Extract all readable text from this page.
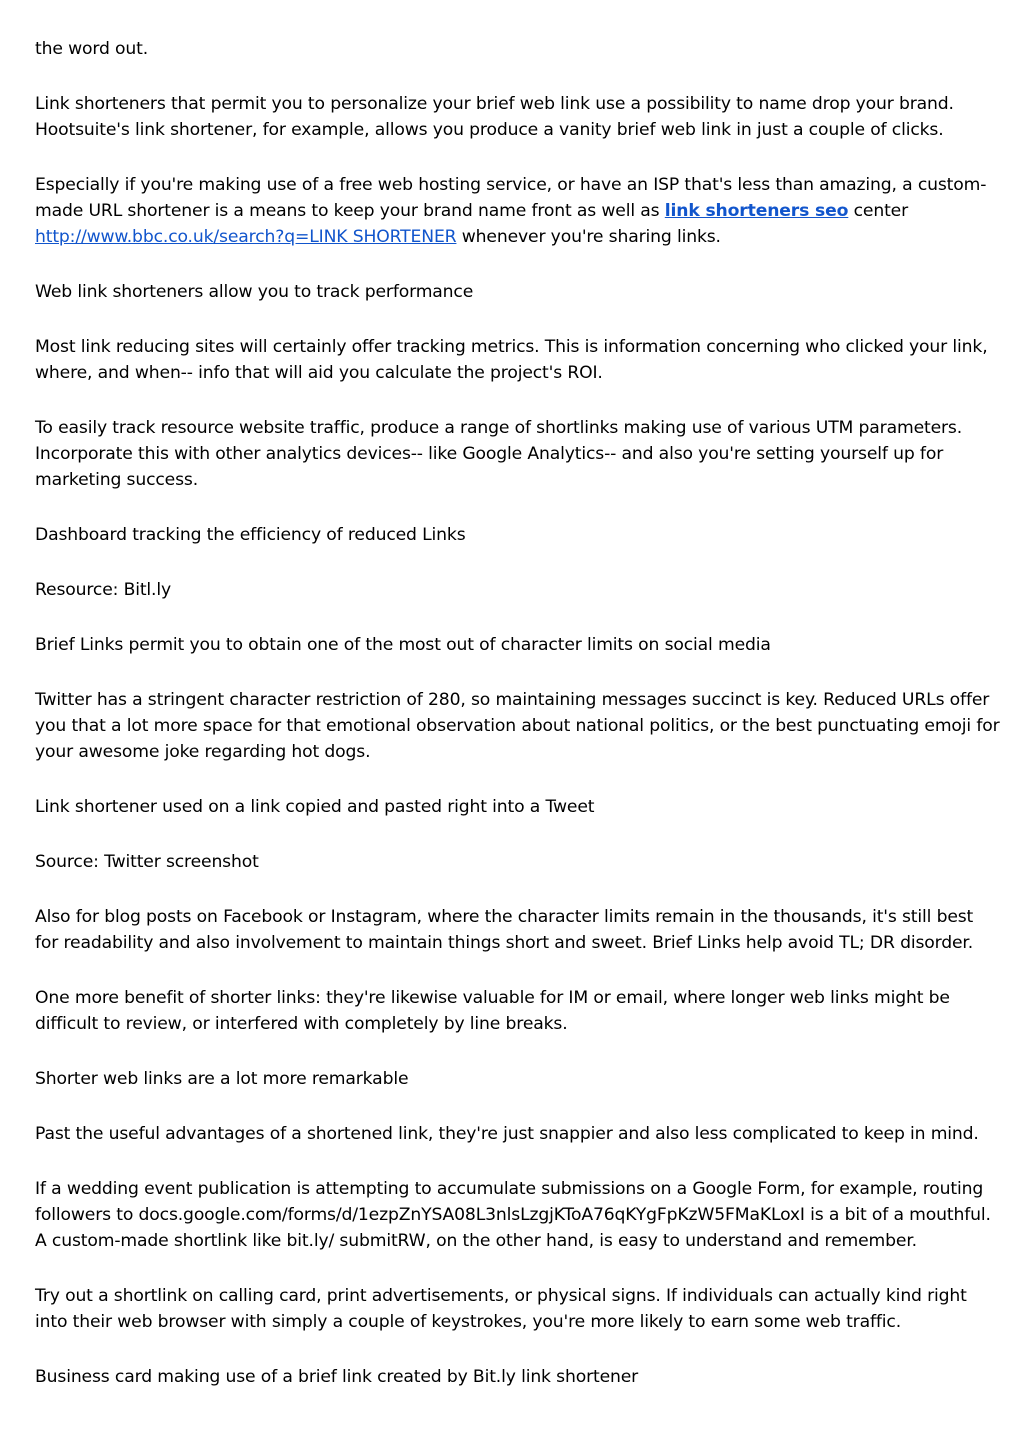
the word out.

Link shorteners that permit you to personalize your brief web link use a possibility to name drop your brand. Hootsuite's link shortener, for example, allows you produce a vanity brief web link in just a couple of clicks.

Especially if you're making use of a free web hosting service, or have an ISP that's less than amazing, a custom-made URL shortener is a means to keep your brand name front as well as link shorteners seo center http://www.bbc.co.uk/search?q=LINK SHORTENER whenever you're sharing links.

Web link shorteners allow you to track performance

Most link reducing sites will certainly offer tracking metrics. This is information concerning who clicked your link, where, and when-- info that will aid you calculate the project's ROI.

To easily track resource website traffic, produce a range of shortlinks making use of various UTM parameters. Incorporate this with other analytics devices-- like Google Analytics-- and also you're setting yourself up for marketing success.

Dashboard tracking the efficiency of reduced Links

Resource: Bitl.ly

Brief Links permit you to obtain one of the most out of character limits on social media

Twitter has a stringent character restriction of 280, so maintaining messages succinct is key. Reduced URLs offer you that a lot more space for that emotional observation about national politics, or the best punctuating emoji for your awesome joke regarding hot dogs.

Link shortener used on a link copied and pasted right into a Tweet

Source: Twitter screenshot

Also for blog posts on Facebook or Instagram, where the character limits remain in the thousands, it's still best for readability and also involvement to maintain things short and sweet. Brief Links help avoid TL; DR disorder.

One more benefit of shorter links: they're likewise valuable for IM or email, where longer web links might be difficult to review, or interfered with completely by line breaks.

Shorter web links are a lot more remarkable

Past the useful advantages of a shortened link, they're just snappier and also less complicated to keep in mind.

If a wedding event publication is attempting to accumulate submissions on a Google Form, for example, routing followers to docs.google.com/forms/d/1ezpZnYSA08L3nlsLzgjKToA76qKYgFpKzW5FMaKLoxI is a bit of a mouthful. A custom-made shortlink like bit.ly/ submitRW, on the other hand, is easy to understand and remember.

Try out a shortlink on calling card, print advertisements, or physical signs. If individuals can actually kind right into their web browser with simply a couple of keystrokes, you're more likely to earn some web traffic.

Business card making use of a brief link created by Bit.ly link shortener
